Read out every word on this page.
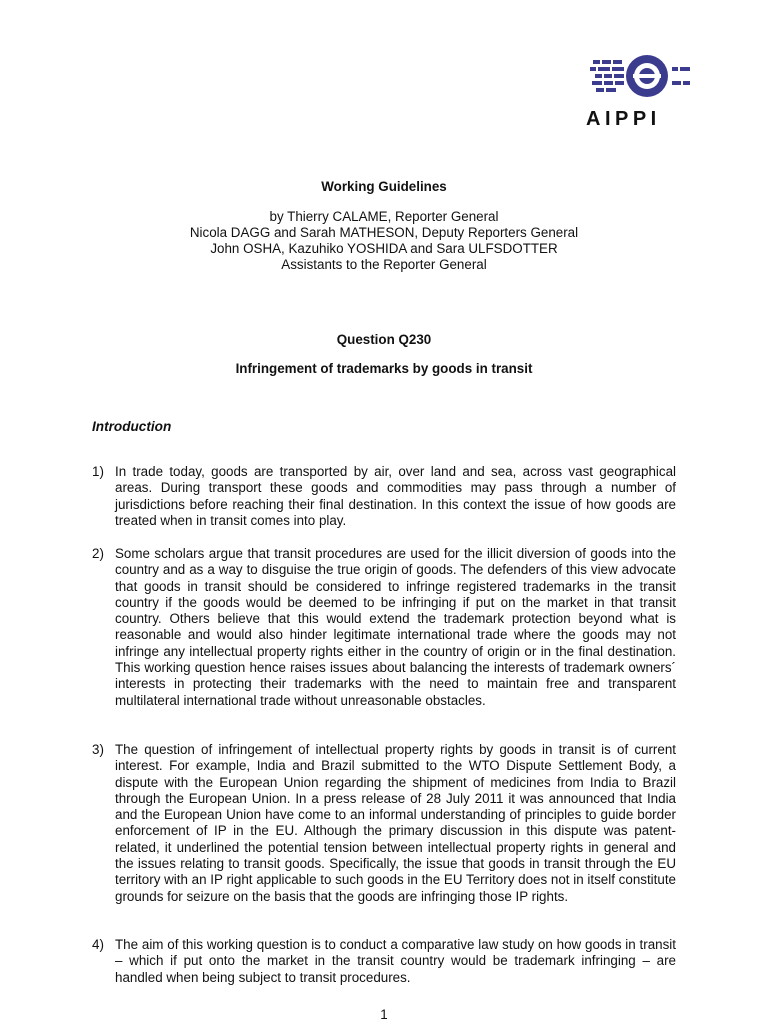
AIPPI
Working Guidelines
by Thierry CALAME, Reporter General
Nicola DAGG and Sarah MATHESON, Deputy Reporters General
John OSHA, Kazuhiko YOSHIDA and Sara ULFSDOTTER
Assistants to the Reporter General
Question Q230
Infringement of trademarks by goods in transit
Introduction
1) In trade today, goods are transported by air, over land and sea, across vast geographical areas. During transport these goods and commodities may pass through a number of jurisdictions before reaching their final destination. In this context the issue of how goods are treated when in transit comes into play.
2) Some scholars argue that transit procedures are used for the illicit diversion of goods into the country and as a way to disguise the true origin of goods. The defenders of this view advocate that goods in transit should be considered to infringe registered trademarks in the transit country if the goods would be deemed to be infringing if put on the market in that transit country. Others believe that this would extend the trademark protection beyond what is reasonable and would also hinder legitimate international trade where the goods may not infringe any intellectual property rights either in the country of origin or in the final destination. This working question hence raises issues about balancing the interests of trademark owners´ interests in protecting their trademarks with the need to maintain free and transparent multilateral international trade without unreasonable obstacles.
3) The question of infringement of intellectual property rights by goods in transit is of current interest. For example, India and Brazil submitted to the WTO Dispute Settlement Body, a dispute with the European Union regarding the shipment of medicines from India to Brazil through the European Union. In a press release of 28 July 2011 it was announced that India and the European Union have come to an informal understanding of principles to guide border enforcement of IP in the EU. Although the primary discussion in this dispute was patent-related, it underlined the potential tension between intellectual property rights in general and the issues relating to transit goods. Specifically, the issue that goods in transit through the EU territory with an IP right applicable to such goods in the EU Territory does not in itself constitute grounds for seizure on the basis that the goods are infringing those IP rights.
4) The aim of this working question is to conduct a comparative law study on how goods in transit – which if put onto the market in the transit country would be trademark infringing – are handled when being subject to transit procedures.
1
